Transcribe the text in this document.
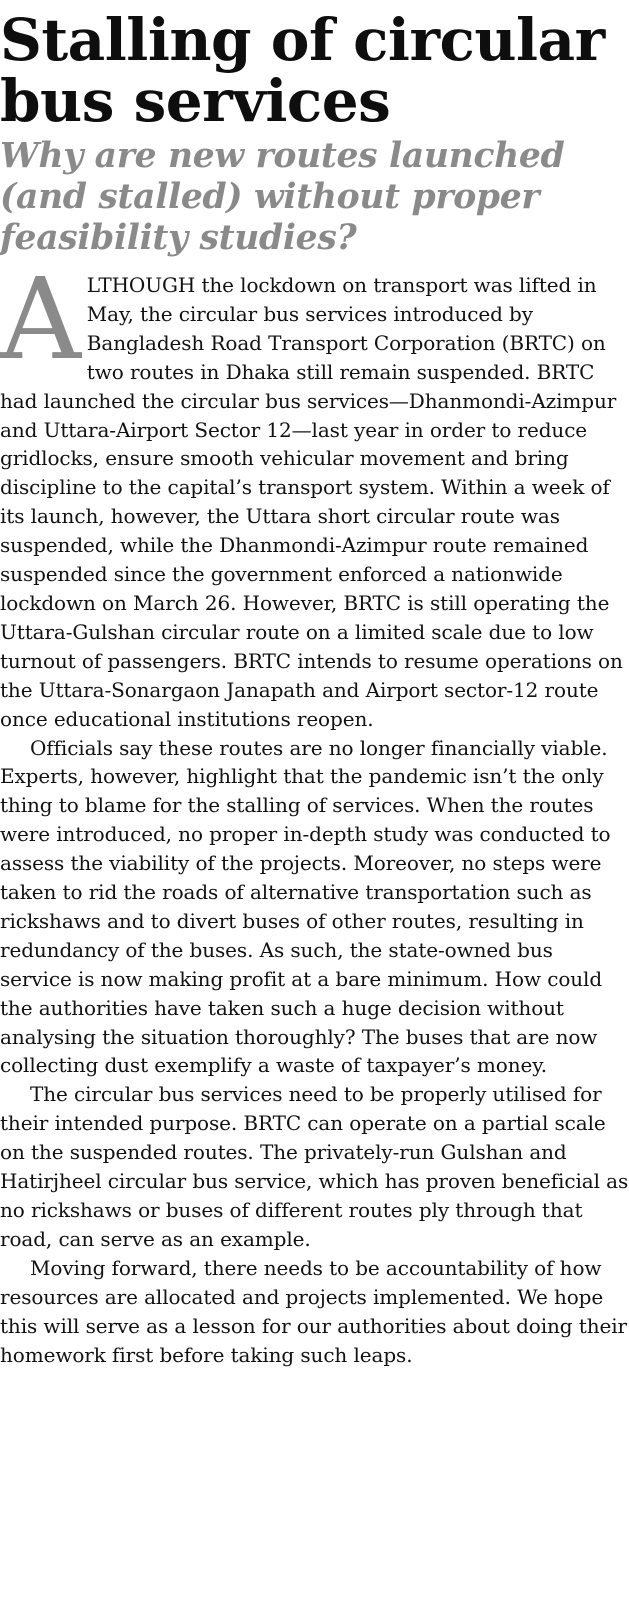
Stalling of circular bus services
Why are new routes launched (and stalled) without proper feasibility studies?

ALTHOUGH the lockdown on transport was lifted in May, the circular bus services introduced by Bangladesh Road Transport Corporation (BRTC) on two routes in Dhaka still remain suspended. BRTC had launched the circular bus services—Dhanmondi-Azimpur and Uttara-Airport Sector 12—last year in order to reduce gridlocks, ensure smooth vehicular movement and bring discipline to the capital’s transport system. Within a week of its launch, however, the Uttara short circular route was suspended, while the Dhanmondi-Azimpur route remained suspended since the government enforced a nationwide lockdown on March 26. However, BRTC is still operating the Uttara-Gulshan circular route on a limited scale due to low turnout of passengers. BRTC intends to resume operations on the Uttara-Sonargaon Janapath and Airport sector-12 route once educational institutions reopen.

Officials say these routes are no longer financially viable. Experts, however, highlight that the pandemic isn’t the only thing to blame for the stalling of services. When the routes were introduced, no proper in-depth study was conducted to assess the viability of the projects. Moreover, no steps were taken to rid the roads of alternative transportation such as rickshaws and to divert buses of other routes, resulting in redundancy of the buses. As such, the state-owned bus service is now making profit at a bare minimum. How could the authorities have taken such a huge decision without analysing the situation thoroughly? The buses that are now collecting dust exemplify a waste of taxpayer’s money.

The circular bus services need to be properly utilised for their intended purpose. BRTC can operate on a partial scale on the suspended routes. The privately-run Gulshan and Hatirjheel circular bus service, which has proven beneficial as no rickshaws or buses of different routes ply through that road, can serve as an example.

Moving forward, there needs to be accountability of how resources are allocated and projects implemented. We hope this will serve as a lesson for our authorities about doing their homework first before taking such leaps.
